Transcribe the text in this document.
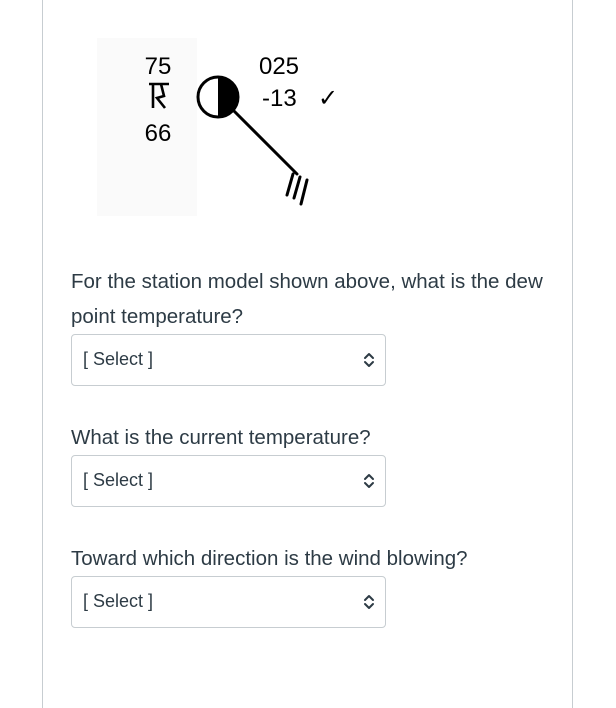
75
66
025
-13 ✓

For the station model shown above, what is the dew point temperature?

[ Select ]

What is the current temperature?

[ Select ]

Toward which direction is the wind blowing?

[ Select ]
